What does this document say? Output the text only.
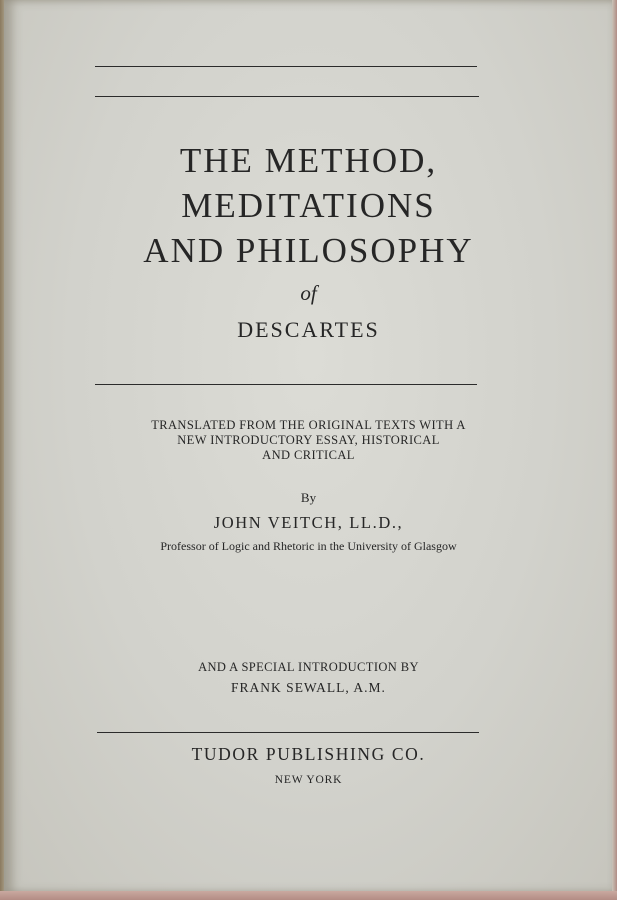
THE METHOD,
MEDITATIONS
AND PHILOSOPHY
of
DESCARTES
TRANSLATED FROM THE ORIGINAL TEXTS WITH A
NEW INTRODUCTORY ESSAY, HISTORICAL
AND CRITICAL
By
JOHN VEITCH, LL.D.,
Professor of Logic and Rhetoric in the University of Glasgow
AND A SPECIAL INTRODUCTION BY
FRANK SEWALL, A.M.
TUDOR PUBLISHING CO.
NEW YORK
